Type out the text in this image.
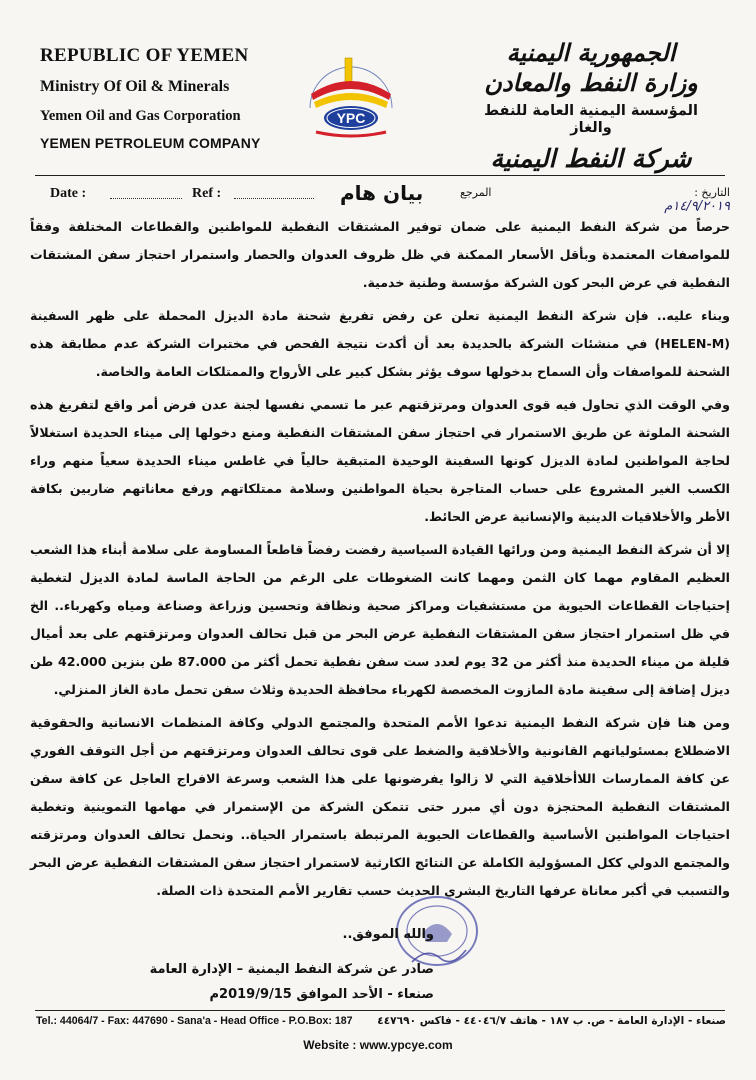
REPUBLIC OF YEMEN
Ministry Of Oil & Minerals
Yemen Oil and Gas Corporation
YEMEN PETROLEUM COMPANY
YPC
الجمهورية اليمنية
وزارة النفط والمعادن
المؤسسة اليمنية العامة للنفط والغاز
شركة النفط اليمنية
Date :	Ref :	بيان هام	المرجع	التاريخ : ١٤/٩/٢٠١٩م

حرصاً من شركة النفط اليمنية على ضمان توفير المشتقات النفطية للمواطنين والقطاعات المختلفة وفقاً للمواصفات المعتمدة وبأقل الأسعار الممكنة في ظل ظروف العدوان والحصار واستمرار احتجاز سفن المشتقات النفطية في عرض البحر كون الشركة مؤسسة وطنية خدمية.

وبناء عليه.. فإن شركة النفط اليمنية تعلن عن رفض تفريغ شحنة مادة الديزل المحملة على ظهر السفينة (HELEN-M) في منشئات الشركة بالحديدة بعد أن أكدت نتيجة الفحص في مختبرات الشركة عدم مطابقة هذه الشحنة للمواصفات وأن السماح بدخولها سوف يؤثر بشكل كبير على الأرواح والممتلكات العامة والخاصة.

وفي الوقت الذي تحاول فيه قوى العدوان ومرتزقتهم عبر ما تسمي نفسها لجنة عدن فرض أمر واقع لتفريغ هذه الشحنة الملوثة عن طريق الاستمرار في احتجاز سفن المشتقات النفطية ومنع دخولها إلى ميناء الحديدة استغلالاً لحاجة المواطنين لمادة الديزل كونها السفينة الوحيدة المتبقية حالياً في غاطس ميناء الحديدة سعياً منهم وراء الكسب الغير المشروع على حساب المتاجرة بحياة المواطنين وسلامة ممتلكاتهم ورفع معاناتهم ضاربين بكافة الأطر والأخلاقيات الدينية والإنسانية عرض الحائط.

إلا أن شركة النفط اليمنية ومن ورائها القيادة السياسية رفضت رفضاً قاطعاً المساومة على سلامة أبناء هذا الشعب العظيم المقاوم مهما كان الثمن ومهما كانت الضغوطات على الرغم من الحاجة الماسة لمادة الديزل لتغطية إحتياجات القطاعات الحيوية من مستشفيات ومراكز صحية ونظافة وتحسين وزراعة وصناعة ومياه وكهرباء.. الخ في ظل استمرار احتجاز سفن المشتقات النفطية عرض البحر من قبل تحالف العدوان ومرتزقتهم على بعد أميال قليلة من ميناء الحديدة منذ أكثر من 32 يوم لعدد ست سفن نفطية تحمل أكثر من 87.000 طن بنزين 42.000 طن ديزل إضافة إلى سفينة مادة المازوت المخصصة لكهرباء محافظة الحديدة وثلاث سفن تحمل مادة الغاز المنزلي.

ومن هنا فإن شركة النفط اليمنية تدعوا الأمم المتحدة والمجتمع الدولي وكافة المنظمات الانسانية والحقوقية الاضطلاع بمسئولياتهم القانونية والأخلاقية والضغط على قوى تحالف العدوان ومرتزقتهم من أجل التوقف الفوري عن كافة الممارسات اللاأخلاقية التي لا زالوا يفرضونها على هذا الشعب وسرعة الافراج العاجل عن كافة سفن المشتقات النفطية المحتجزة دون أي مبرر حتى تتمكن الشركة من الإستمرار في مهامها التموينية وتغطية احتياجات المواطنين الأساسية والقطاعات الحيوية المرتبطة باستمرار الحياة.. ونحمل تحالف العدوان ومرتزقته والمجتمع الدولي ككل المسؤولية الكاملة عن النتائج الكارثية لاستمرار احتجاز سفن المشتقات النفطية عرض البحر والتسبب في أكبر معاناة عرفها التاريخ البشري الحديث حسب تقارير الأمم المتحدة ذات الصلة.

والله الموفق..
صادر عن شركة النفط اليمنية – الإدارة العامة
صنعاء - الأحد الموافق 2019/9/15م
Tel.: 44064/7 - Fax: 447690 - Sana'a - Head Office - P.O.Box: 187 صنعاء - الإدارة العامة - ص. ب ١٨٧ - هاتف ٤٤٠٤٦/٧ - فاكس ٤٤٧٦٩٠
Website : www.ypcye.com
